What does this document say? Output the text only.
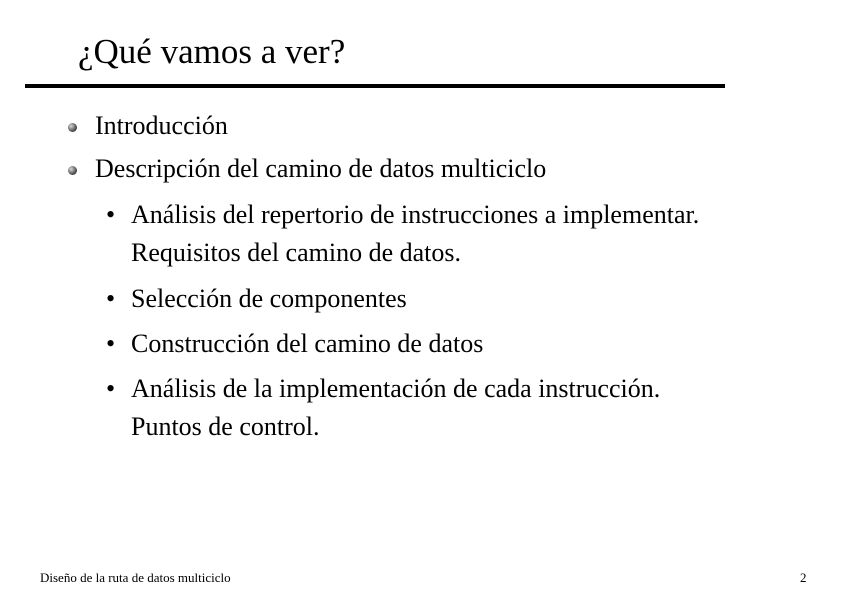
¿Qué vamos a ver?
Introducción
Descripción del camino de datos multiciclo
• Análisis del repertorio de instrucciones a implementar.
Requisitos del camino de datos.
• Selección de componentes
• Construcción del camino de datos
• Análisis de la implementación de cada instrucción.
Puntos de control.
Diseño de la ruta de datos multiciclo	2
